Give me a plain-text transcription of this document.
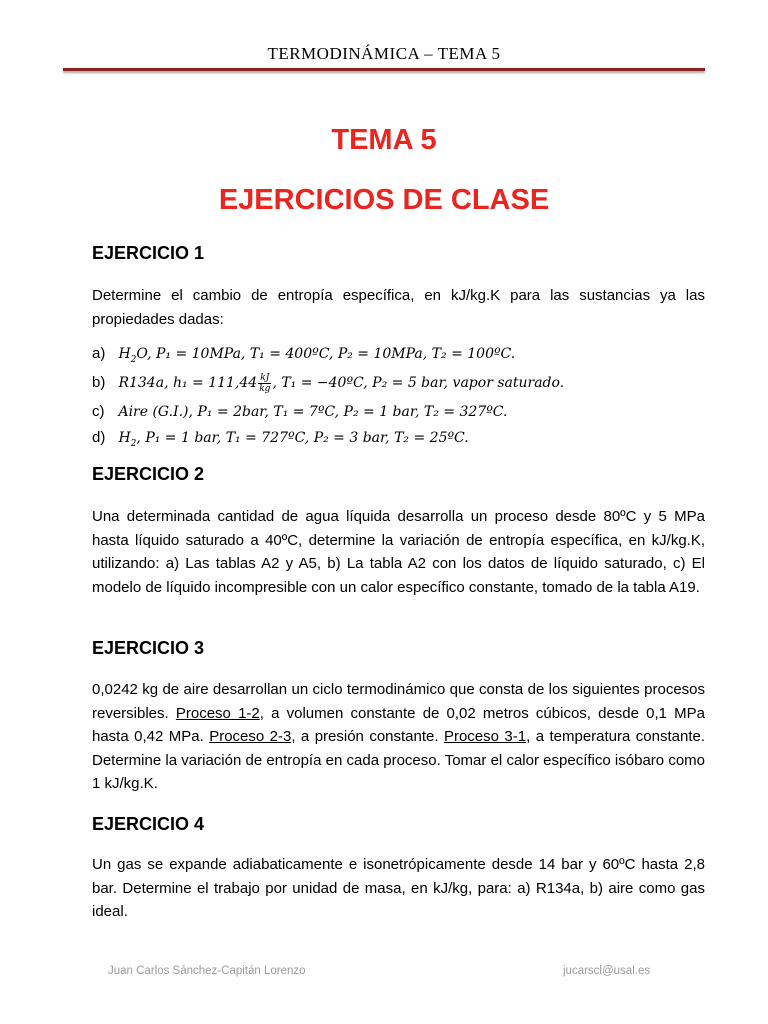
TERMODINÁMICA – TEMA 5
TEMA 5
EJERCICIOS DE CLASE
EJERCICIO 1
Determine el cambio de entropía específica, en kJ/kg.K para las sustancias ya las propiedades dadas:
a) $H_2O$, P₁ = 10MPa, T₁ = 400ºC, P₂ = 10MPa, T₂ = 100ºC.
b) R134a, $h_1 = 111,44 \frac{kJ}{kg}$ , T₁ = −40ºC, P₂ = 5 bar, vapor saturado.
c) Aire (G.I.), P₁ = 2bar, T₁ = 7ºC, P₂ = 1 bar, T₂ = 327ºC.
d) $H_2$, P₁ = 1 bar, T₁ = 727ºC, P₂ = 3 bar, T₂ = 25ºC.
EJERCICIO 2
Una determinada cantidad de agua líquida desarrolla un proceso desde 80ºC y 5 MPa hasta líquido saturado a 40ºC, determine la variación de entropía específica, en kJ/kg.K, utilizando: a) Las tablas A2 y A5, b) La tabla A2 con los datos de líquido saturado, c) El modelo de líquido incompresible con un calor específico constante, tomado de la tabla A19.
EJERCICIO 3
0,0242 kg de aire desarrollan un ciclo termodinámico que consta de los siguientes procesos reversibles. Proceso 1-2, a volumen constante de 0,02 metros cúbicos, desde 0,1 MPa hasta 0,42 MPa. Proceso 2-3, a presión constante. Proceso 3-1, a temperatura constante. Determine la variación de entropía en cada proceso. Tomar el calor específico isóbaro como 1 kJ/kg.K.
EJERCICIO 4
Un gas se expande adiabaticamente e isonetrópicamente desde 14 bar y 60ºC hasta 2,8 bar. Determine el trabajo por unidad de masa, en kJ/kg, para: a) R134a, b) aire como gas ideal.
Juan Carlos Sánchez-Capitán Lorenzo	jucarscl@usal.es
